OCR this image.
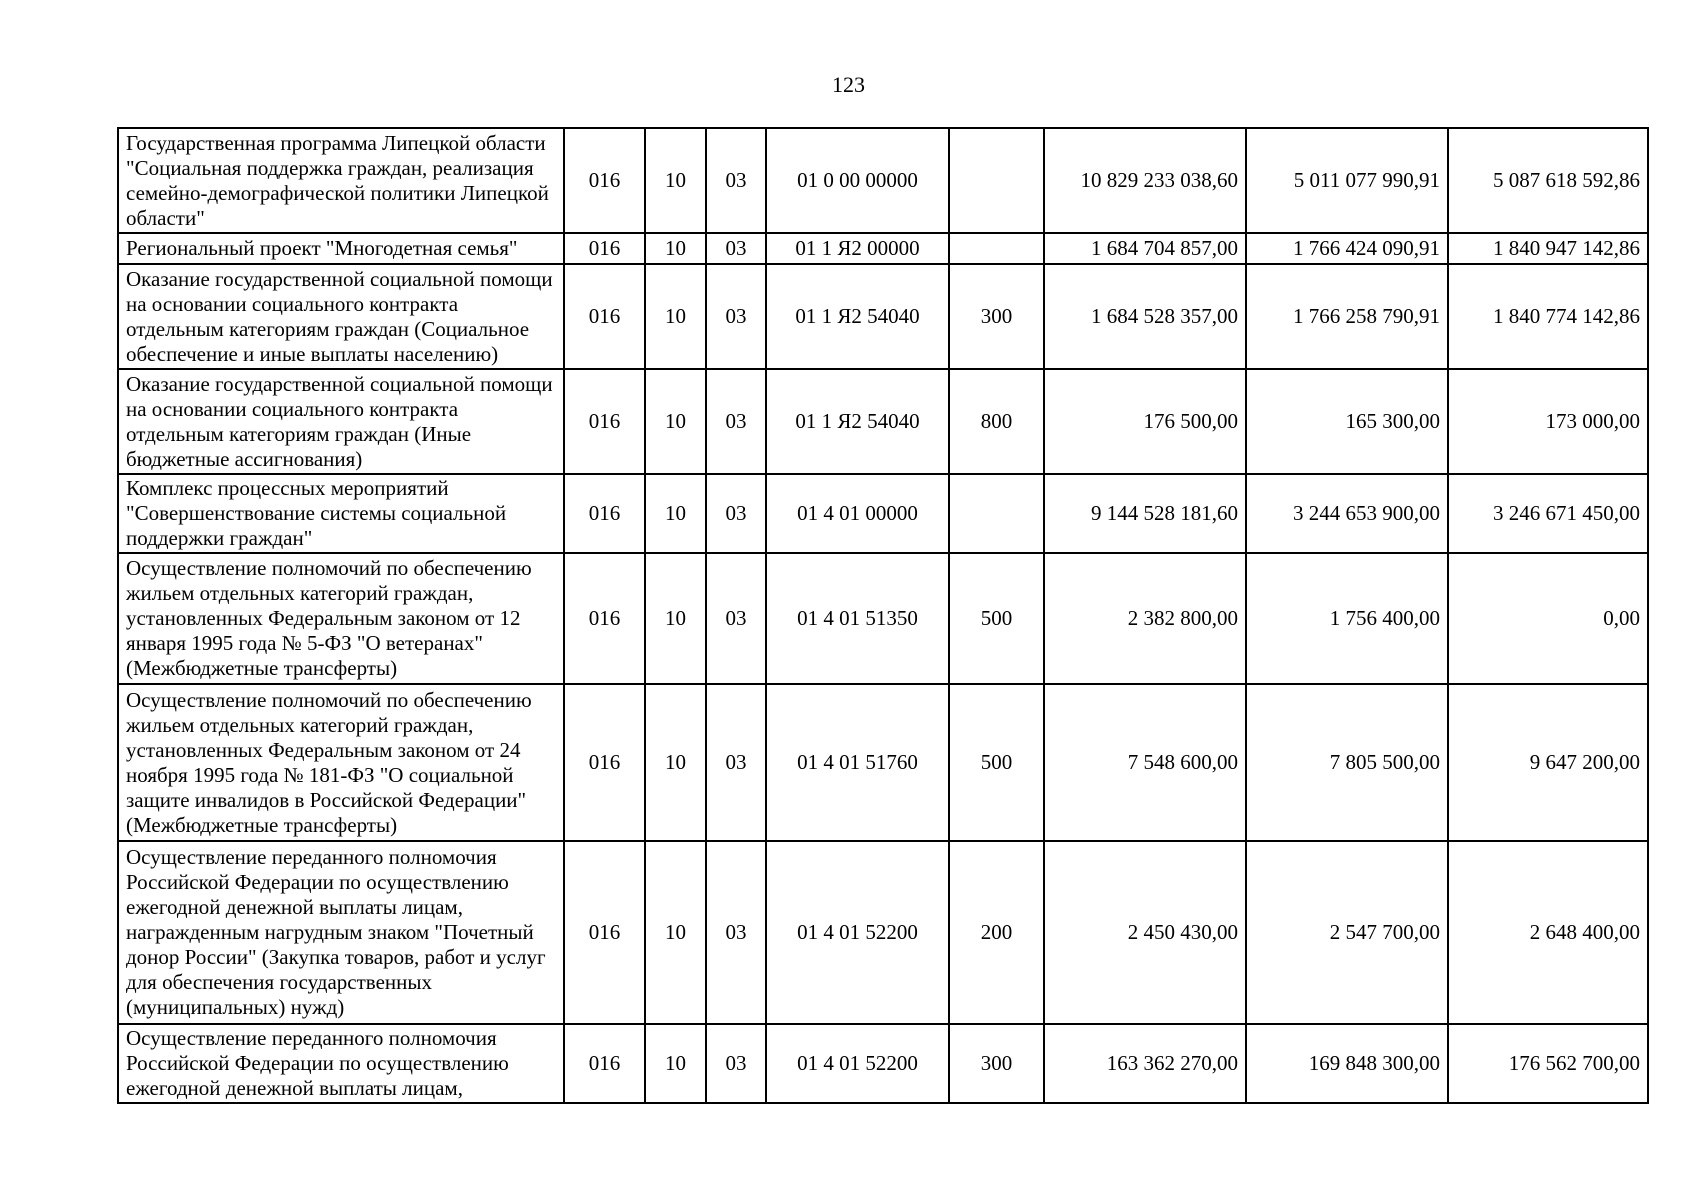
123
Государственная программа Липецкой области "Социальная поддержка граждан, реализация семейно-демографической политики Липецкой области"	016	10	03	01 0 00 00000		10 829 233 038,60	5 011 077 990,91	5 087 618 592,86
Региональный проект "Многодетная семья"	016	10	03	01 1 Я2 00000		1 684 704 857,00	1 766 424 090,91	1 840 947 142,86
Оказание государственной социальной помощи на основании социального контракта отдельным категориям граждан (Социальное обеспечение и иные выплаты населению)	016	10	03	01 1 Я2 54040	300	1 684 528 357,00	1 766 258 790,91	1 840 774 142,86
Оказание государственной социальной помощи на основании социального контракта отдельным категориям граждан (Иные бюджетные ассигнования)	016	10	03	01 1 Я2 54040	800	176 500,00	165 300,00	173 000,00
Комплекс процессных мероприятий "Совершенствование системы социальной поддержки граждан"	016	10	03	01 4 01 00000		9 144 528 181,60	3 244 653 900,00	3 246 671 450,00
Осуществление полномочий по обеспечению жильем отдельных категорий граждан, установленных Федеральным законом от 12 января 1995 года № 5-ФЗ "О ветеранах" (Межбюджетные трансферты)	016	10	03	01 4 01 51350	500	2 382 800,00	1 756 400,00	0,00
Осуществление полномочий по обеспечению жильем отдельных категорий граждан, установленных Федеральным законом от 24 ноября 1995 года № 181-ФЗ "О социальной защите инвалидов в Российской Федерации" (Межбюджетные трансферты)	016	10	03	01 4 01 51760	500	7 548 600,00	7 805 500,00	9 647 200,00
Осуществление переданного полномочия Российской Федерации по осуществлению ежегодной денежной выплаты лицам, награжденным нагрудным знаком "Почетный донор России" (Закупка товаров, работ и услуг для обеспечения государственных (муниципальных) нужд)	016	10	03	01 4 01 52200	200	2 450 430,00	2 547 700,00	2 648 400,00
Осуществление переданного полномочия Российской Федерации по осуществлению ежегодной денежной выплаты лицам,	016	10	03	01 4 01 52200	300	163 362 270,00	169 848 300,00	176 562 700,00
